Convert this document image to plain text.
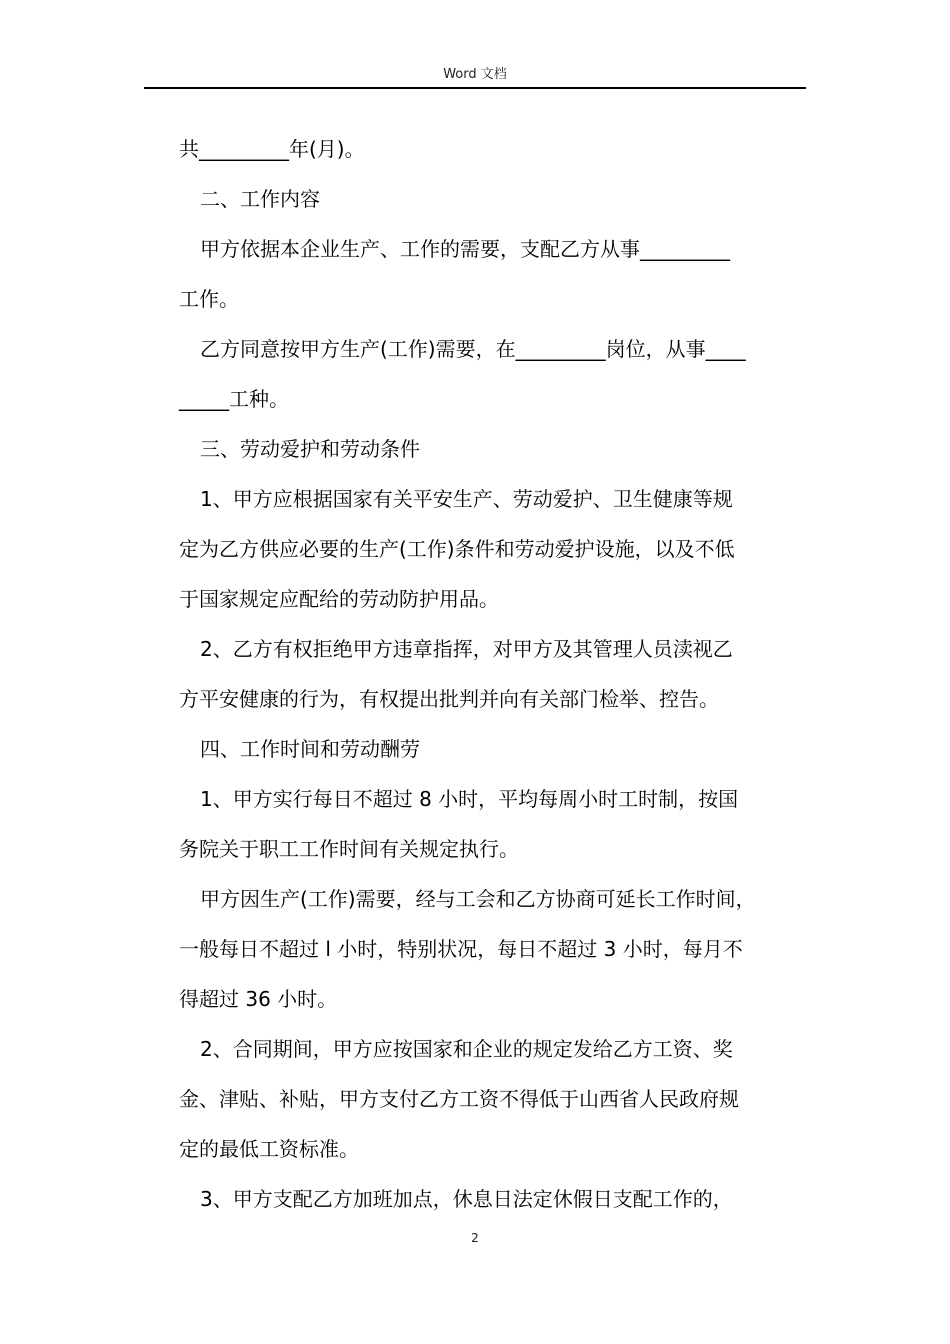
Word 文档
共_________年(月)。
二、工作内容
甲方依据本企业生产、工作的需要，支配乙方从事_________
工作。
乙方同意按甲方生产(工作)需要，在_________岗位，从事____
_____工种。
三、劳动爱护和劳动条件
1、甲方应根据国家有关平安生产、劳动爱护、卫生健康等规
定为乙方供应必要的生产(工作)条件和劳动爱护设施，以及不低
于国家规定应配给的劳动防护用品。
2、乙方有权拒绝甲方违章指挥，对甲方及其管理人员渎视乙
方平安健康的行为，有权提出批判并向有关部门检举、控告。
四、工作时间和劳动酬劳
1、甲方实行每日不超过 8 小时，平均每周小时工时制，按国
务院关于职工工作时间有关规定执行。
甲方因生产(工作)需要，经与工会和乙方协商可延长工作时间，
一般每日不超过 l 小时，特别状况，每日不超过 3 小时，每月不
得超过 36 小时。
2、合同期间，甲方应按国家和企业的规定发给乙方工资、奖
金、津贴、补贴，甲方支付乙方工资不得低于山西省人民政府规
定的最低工资标准。
3、甲方支配乙方加班加点，休息日法定休假日支配工作的，
2
